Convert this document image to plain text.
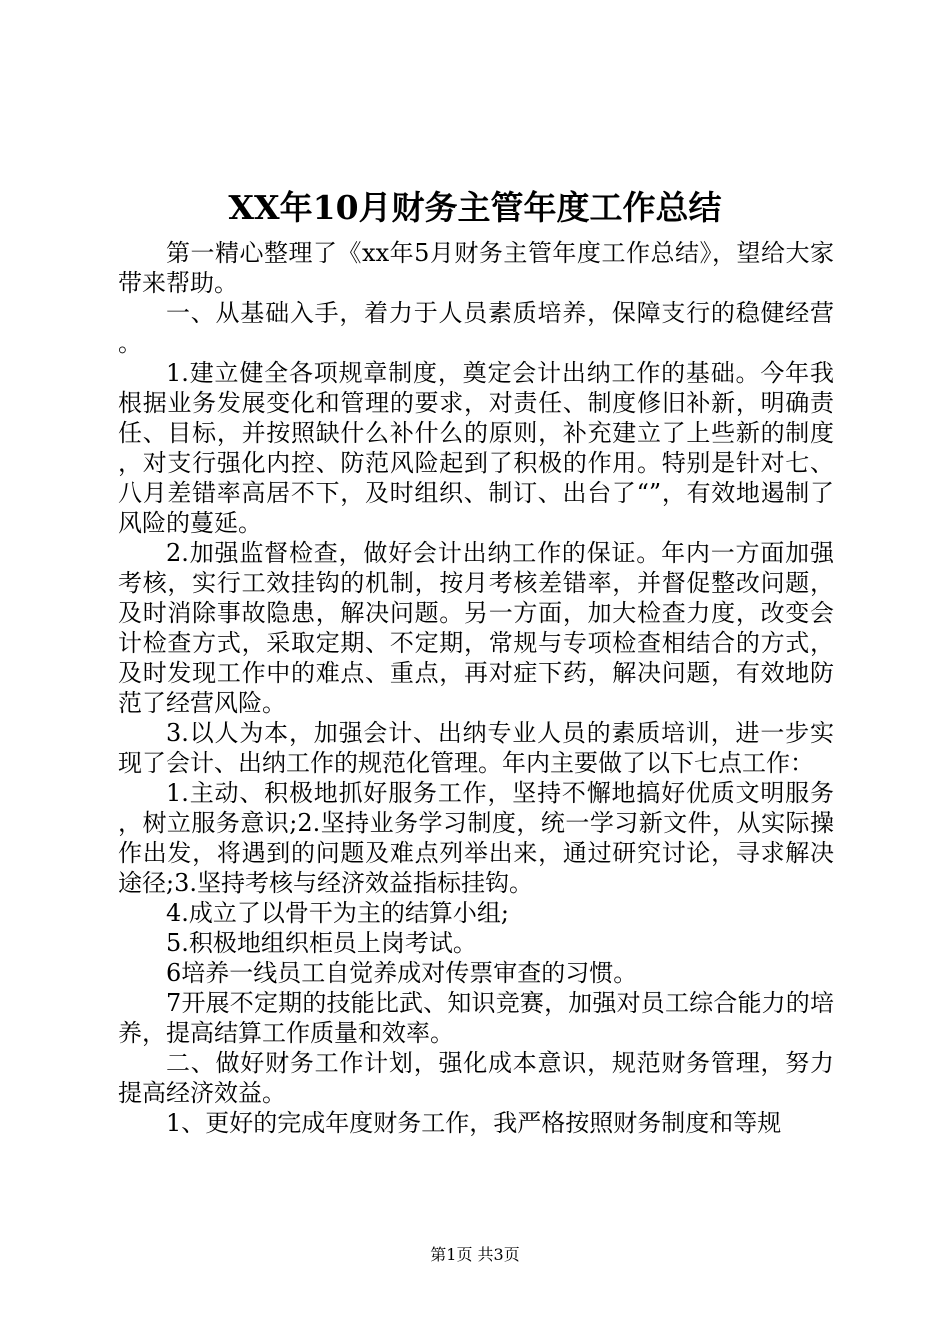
XX年10月财务主管年度工作总结

第一精心整理了《xx年5月财务主管年度工作总结》，望给大家带来帮助。

一、从基础入手，着力于人员素质培养，保障支行的稳健经营。

1.建立健全各项规章制度，奠定会计出纳工作的基础。今年我根据业务发展变化和管理的要求，对责任、制度修旧补新，明确责任、目标，并按照缺什么补什么的原则，补充建立了上些新的制度，对支行强化内控、防范风险起到了积极的作用。特别是针对七、八月差错率高居不下，及时组织、制订、出台了“”，有效地遏制了风险的蔓延。

2.加强监督检查，做好会计出纳工作的保证。年内一方面加强考核，实行工效挂钩的机制，按月考核差错率，并督促整改问题，及时消除事故隐患，解决问题。另一方面，加大检查力度，改变会计检查方式，采取定期、不定期，常规与专项检查相结合的方式，及时发现工作中的难点、重点，再对症下药，解决问题，有效地防范了经营风险。

3.以人为本，加强会计、出纳专业人员的素质培训，进一步实现了会计、出纳工作的规范化管理。年内主要做了以下七点工作：

1.主动、积极地抓好服务工作，坚持不懈地搞好优质文明服务，树立服务意识;2.坚持业务学习制度，统一学习新文件，从实际操作出发，将遇到的问题及难点列举出来，通过研究讨论，寻求解决途径;3.坚持考核与经济效益指标挂钩。

4.成立了以骨干为主的结算小组;

5.积极地组织柜员上岗考试。

6培养一线员工自觉养成对传票审查的习惯。

7开展不定期的技能比武、知识竞赛，加强对员工综合能力的培养，提高结算工作质量和效率。

二、做好财务工作计划，强化成本意识，规范财务管理，努力提高经济效益。

1、更好的完成年度财务工作，我严格按照财务制度和等规

第1页 共3页
